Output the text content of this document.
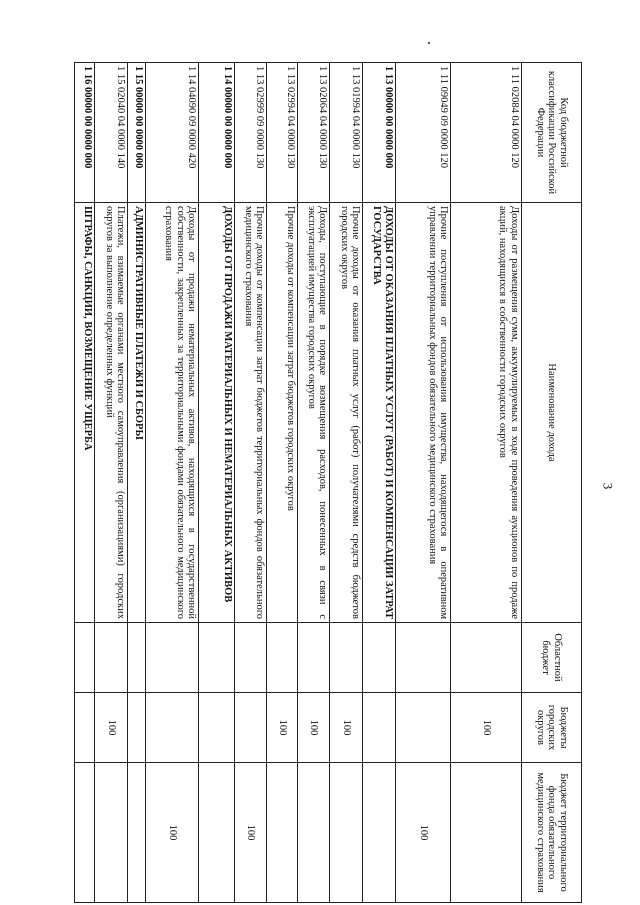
3
Код бюджетной классификации Российской Федерации	Наименование дохода	Областной бюджет	Бюджеты городских округов	Бюджет территориального фонда обязательного медицинского страхования
1 11 02084 04 0000 120	Доходы от размещения сумм, аккумулируемых в ходе проведения аукционов по продаже акций, находящихся в собственности городских округов		100	
1 11 09049 09 0000 120	Прочие поступления от использования имущества, находящегося в оперативном управлении территориальных фондов обязательного медицинского страхования			100
1 13 00000 00 0000 000	ДОХОДЫ ОТ ОКАЗАНИЯ ПЛАТНЫХ УСЛУГ (РАБОТ) И КОМПЕНСАЦИИ ЗАТРАТ ГОСУДАРСТВА			
1 13 01994 04 0000 130	Прочие доходы от оказания платных услуг (работ) получателями средств бюджетов городских округов		100	
1 13 02064 04 0000 130	Доходы, поступающие в порядке возмещения расходов, понесенных в связи с эксплуатацией имущества городских округов		100	
1 13 02994 04 0000 130	Прочие доходы от компенсации затрат бюджетов городских округов		100	
1 13 02999 09 0000 130	Прочие доходы от компенсации затрат бюджетов территориальных фондов обязательного медицинского страхования			100
1 14 00000 00 0000 000	ДОХОДЫ ОТ ПРОДАЖИ МАТЕРИАЛЬНЫХ И НЕМАТЕРИАЛЬНЫХ АКТИВОВ			
1 14 04090 09 0000 420	Доходы от продажи нематериальных активов, находящихся в государственной собственности, закрепленных за территориальными фондами обязательного медицинского страхования			100
1 15 00000 00 0000 000	АДМИНИСТРАТИВНЫЕ ПЛАТЕЖИ И СБОРЫ			
1 15 02040 04 0000 140	Платежи, взимаемые органами местного самоуправления (организациями) городских округов за выполнение определенных функций		100	
1 16 00000 00 0000 000	ШТРАФЫ, САНКЦИИ, ВОЗМЕЩЕНИЕ УЩЕРБА			
